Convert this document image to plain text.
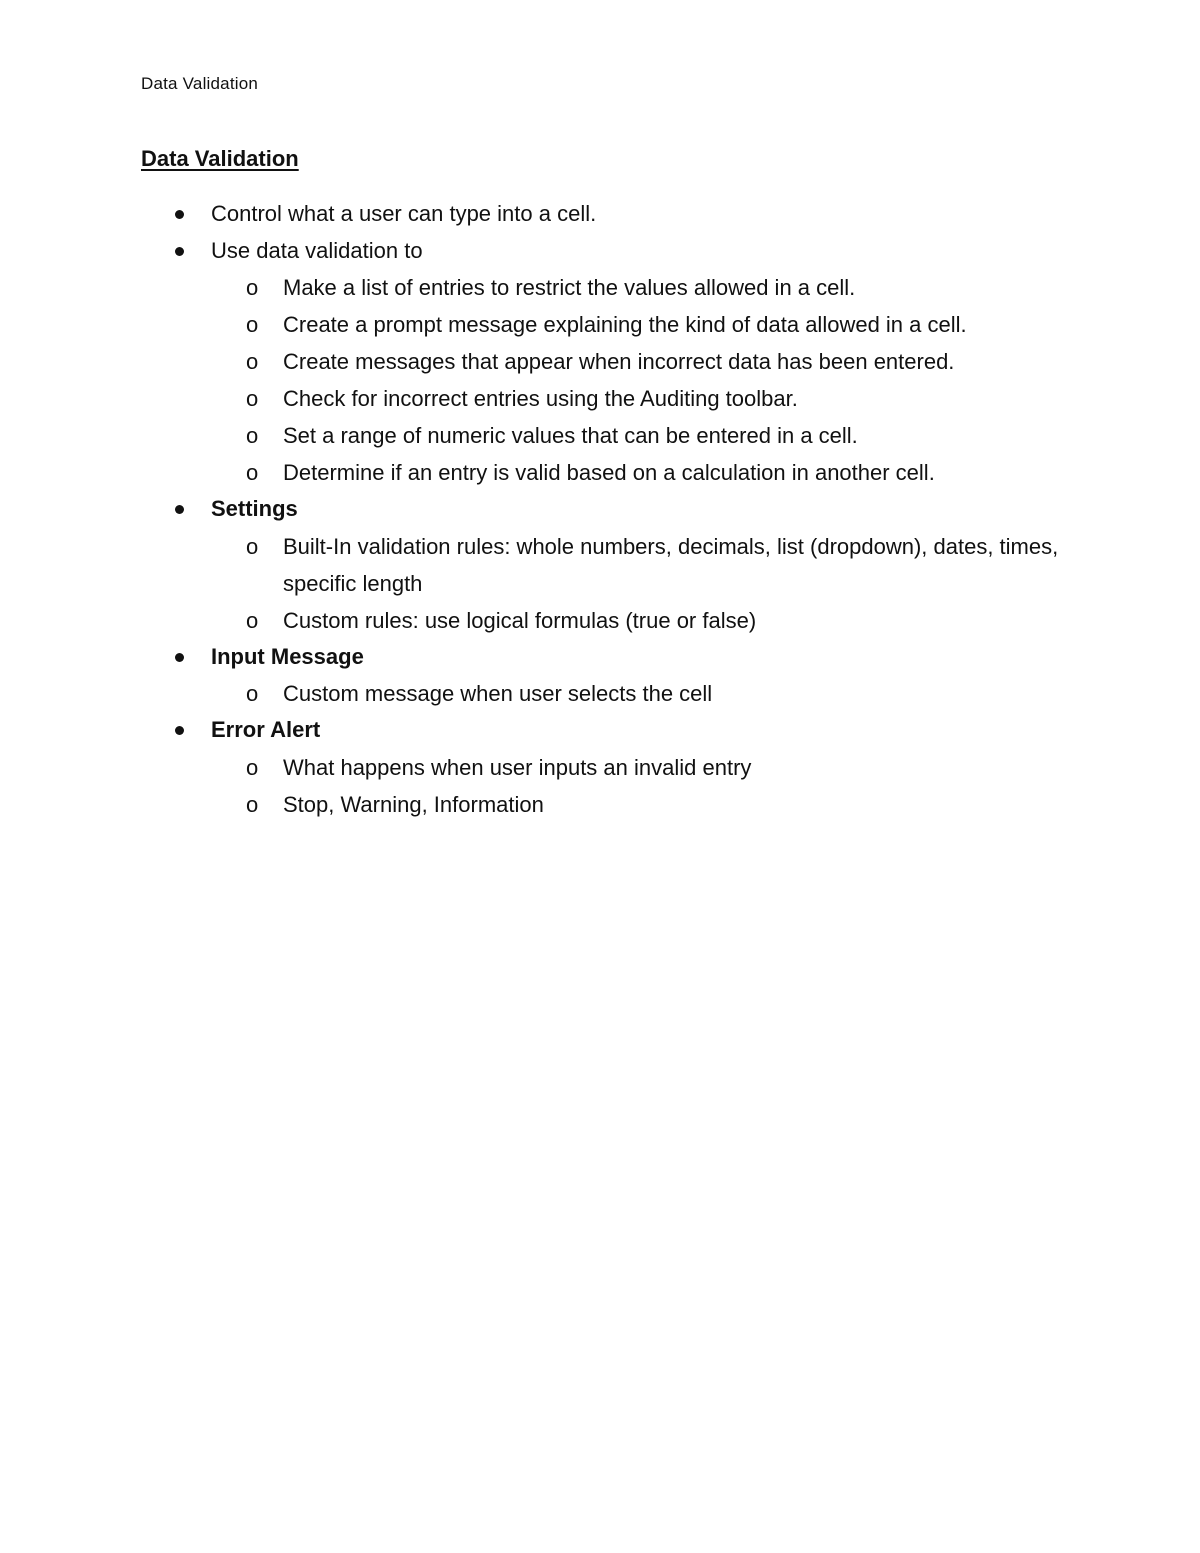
Data Validation
Data Validation
Control what a user can type into a cell.
Use data validation to
o Make a list of entries to restrict the values allowed in a cell.
o Create a prompt message explaining the kind of data allowed in a cell.
o Create messages that appear when incorrect data has been entered.
o Check for incorrect entries using the Auditing toolbar.
o Set a range of numeric values that can be entered in a cell.
o Determine if an entry is valid based on a calculation in another cell.
Settings
o Built-In validation rules: whole numbers, decimals, list (dropdown), dates, times, specific length
o Custom rules: use logical formulas (true or false)
Input Message
o Custom message when user selects the cell
Error Alert
o What happens when user inputs an invalid entry
o Stop, Warning, Information
